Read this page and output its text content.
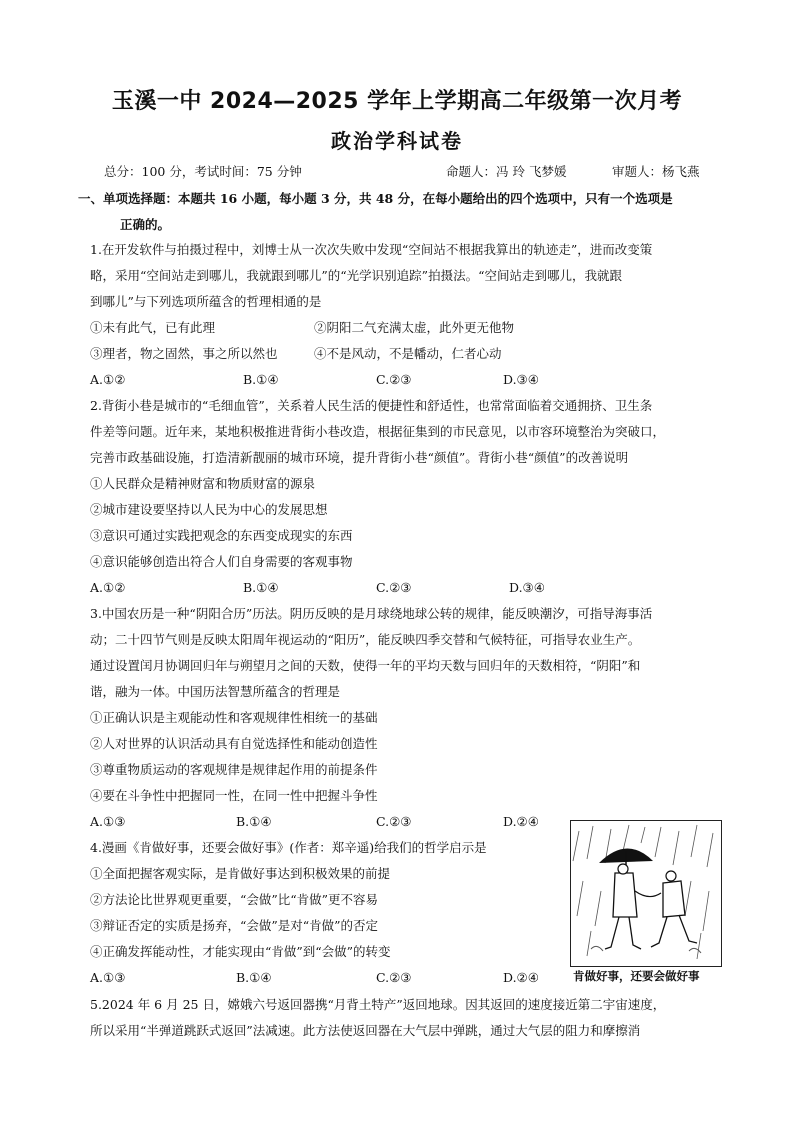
玉溪一中 2024—2025 学年上学期高二年级第一次月考
政治学科试卷
总分：100 分，考试时间：75 分钟	命题人：冯 玲 飞梦媛	审题人：杨飞燕
一、单项选择题：本题共 16 小题，每小题 3 分，共 48 分，在每小题给出的四个选项中，只有一个选项是
正确的。
1.在开发软件与拍摄过程中，刘博士从一次次失败中发现“空间站不根据我算出的轨迹走”，进而改变策
略，采用“空间站走到哪儿，我就跟到哪儿”的“光学识别追踪”拍摄法。“空间站走到哪儿，我就跟
到哪儿”与下列选项所蕴含的哲理相通的是
①未有此气，已有此理	②阴阳二气充满太虚，此外更无他物
③理者，物之固然，事之所以然也	④不是风动，不是幡动，仁者心动
A.①②	B.①④	C.②③	D.③④
2.背街小巷是城市的“毛细血管”，关系着人民生活的便捷性和舒适性，也常常面临着交通拥挤、卫生条
件差等问题。近年来，某地积极推进背街小巷改造，根据征集到的市民意见，以市容环境整治为突破口，
完善市政基础设施，打造清新靓丽的城市环境，提升背街小巷“颜值”。背街小巷“颜值”的改善说明
①人民群众是精神财富和物质财富的源泉
②城市建设要坚持以人民为中心的发展思想
③意识可通过实践把观念的东西变成现实的东西
④意识能够创造出符合人们自身需要的客观事物
A.①②	B.①④	C.②③	D.③④
3.中国农历是一种“阴阳合历”历法。阴历反映的是月球绕地球公转的规律，能反映潮汐，可指导海事活
动；二十四节气则是反映太阳周年视运动的“阳历”，能反映四季交替和气候特征，可指导农业生产。
通过设置闰月协调回归年与朔望月之间的天数，使得一年的平均天数与回归年的天数相符，“阴阳”和
谐，融为一体。中国历法智慧所蕴含的哲理是
①正确认识是主观能动性和客观规律性相统一的基础
②人对世界的认识活动具有自觉选择性和能动创造性
③尊重物质运动的客观规律是规律起作用的前提条件
④要在斗争性中把握同一性，在同一性中把握斗争性
A.①③	B.①④	C.②③	D.②④
4.漫画《肯做好事，还要会做好事》(作者：郑辛遥)给我们的哲学启示是
①全面把握客观实际，是肯做好事达到积极效果的前提
②方法论比世界观更重要，“会做”比“肯做”更不容易
③辩证否定的实质是扬弃，“会做”是对“肯做”的否定
④正确发挥能动性，才能实现由“肯做”到“会做”的转变
A.①③	B.①④	C.②③	D.②④	肯做好事，还要会做好事
5.2024 年 6 月 25 日，嫦娥六号返回器携“月背土特产”返回地球。因其返回的速度接近第二宇宙速度，
所以采用“半弹道跳跃式返回”法减速。此方法使返回器在大气层中弹跳，通过大气层的阻力和摩擦消
